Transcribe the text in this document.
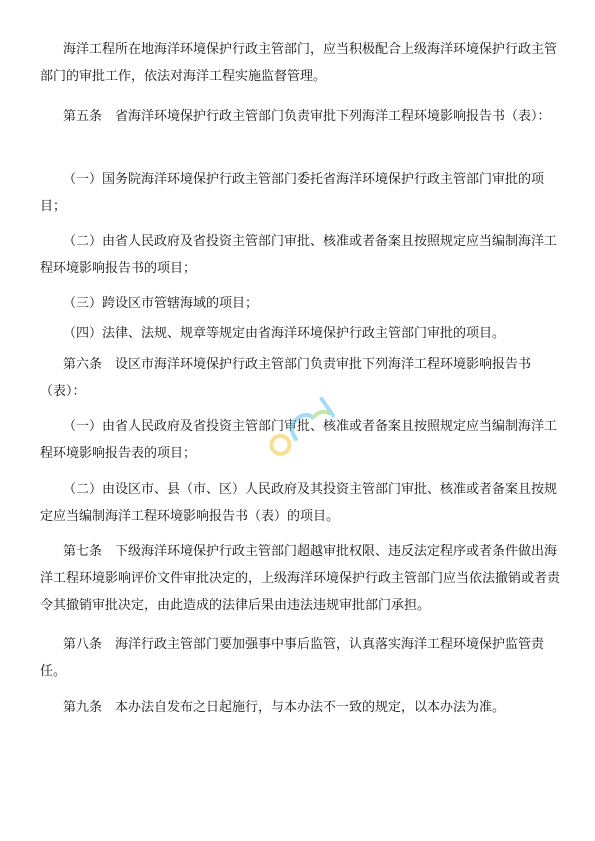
海洋工程所在地海洋环境保护行政主管部门，应当积极配合上级海洋环境保护行政主管部门的审批工作，依法对海洋工程实施监督管理。

第五条　省海洋环境保护行政主管部门负责审批下列海洋工程环境影响报告书（表）：

（一）国务院海洋环境保护行政主管部门委托省海洋环境保护行政主管部门审批的项目；

（二）由省人民政府及省投资主管部门审批、核准或者备案且按照规定应当编制海洋工程环境影响报告书的项目；

（三）跨设区市管辖海域的项目；

（四）法律、法规、规章等规定由省海洋环境保护行政主管部门审批的项目。

第六条　设区市海洋环境保护行政主管部门负责审批下列海洋工程环境影响报告书（表）：

（一）由省人民政府及省投资主管部门审批、核准或者备案且按照规定应当编制海洋工程环境影响报告表的项目；

（二）由设区市、县（市、区）人民政府及其投资主管部门审批、核准或者备案且按规定应当编制海洋工程环境影响报告书（表）的项目。

第七条　下级海洋环境保护行政主管部门超越审批权限、违反法定程序或者条件做出海洋工程环境影响评价文件审批决定的，上级海洋环境保护行政主管部门应当依法撤销或者责令其撤销审批决定，由此造成的法律后果由违法违规审批部门承担。

第八条　海洋行政主管部门要加强事中事后监管，认真落实海洋工程环境保护监管责任。

第九条　本办法自发布之日起施行，与本办法不一致的规定，以本办法为准。
